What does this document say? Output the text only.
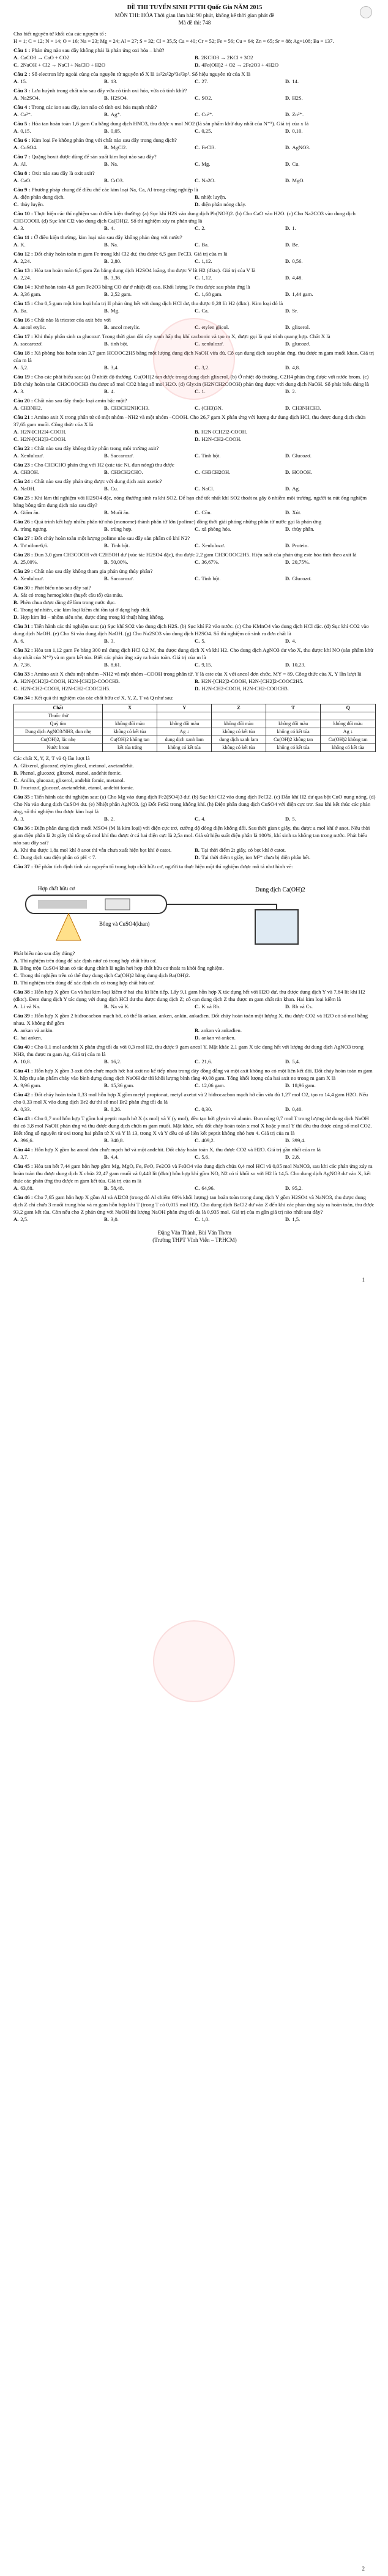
ĐỀ THI TUYỂN SINH PTTH Quốc Gia NĂM 2015
MÔN THI: HÓA Thời gian làm bài: 90 phút, không kể thời gian phát đề
Mã đề thi: 748
Cho biết nguyên tử khối của các nguyên tố :
H = 1; C = 12; N = 14; O = 16; Na = 23; Mg = 24; Al = 27; S = 32; Cl = 35,5; Ca = 40; Cr = 52; Fe = 56; Cu = 64; Zn = 65; Sr = 88; Ag=108; Ba = 137.
Câu 1 : Phản ứng nào sau đây không phải là phản ứng oxi hóa – khử?
A. CaCO3 → CaO + CO2	B. 2KClO3 → 2KCl + 3O2
C. 2NaOH + Cl2 → NaCl + NaClO + H2O	D. 4Fe(OH)2 + O2 → 2Fe2O3 + 4H2O
Câu 2 : Số electron lớp ngoài cùng của nguyên tử nguyên tố X là 1s²2s²2p⁶3s²3p¹. Số hiệu nguyên tử của X là
A. 15.	B. 13.	C. 27.	D. 14.
Câu 3 : Lưu huỳnh trong chất nào sau đây vừa có tính oxi hóa, vừa có tính khử?
A. Na2SO4.	B. H2SO4.	C. SO2.	D. H2S.
Câu 4 : Trong các ion sau đây, ion nào có tính oxi hóa mạnh nhất?
A. Ca²⁺.	B. Ag⁺.	C. Cu²⁺.	D. Zn²⁺.
Câu 5 : Hòa tan hoàn toàn 1,6 gam Cu bằng dung dịch HNO3, thu được x mol NO2 (là sản phẩm khử duy nhất của N⁺⁵). Giá trị của x là
A. 0,15.	B. 0,05.	C. 0,25.	D. 0,10.
Câu 6 : Kim loại Fe không phản ứng với chất nào sau đây trong dung dịch?
A. CuSO4.	B. MgCl2.	C. FeCl3.	D. AgNO3.
Câu 7 : Quặng boxit được dùng để sản xuất kim loại nào sau đây?
A. Al.	B. Na.	C. Mg.	D. Cu.
Câu 8 : Oxit nào sau đây là oxit axit?
A. CaO.	B. CrO3.	C. Na2O.	D. MgO.
Câu 9 : Phương pháp chung để điều chế các kim loại Na, Ca, Al trong công nghiệp là
A. điện phân dung dịch.	B. nhiệt luyện.
C. thủy luyện.	D. điện phân nóng chảy.
Câu 10 : Thực hiện các thí nghiệm sau ở điều kiện thường: (a) Sục khí H2S vào dung dịch Pb(NO3)2. (b) Cho CaO vào H2O. (c) Cho Na2CO3 vào dung dịch CH3COOH. (d) Sục khí Cl2 vào dung dịch Ca(OH)2. Số thí nghiệm xảy ra phản ứng là
A. 3.	B. 4.	C. 2.	D. 1.
Câu 11 : Ở điều kiện thường, kim loại nào sau đây không phản ứng với nước?
A. K.	B. Na.	C. Ba.	D. Be.
Câu 12 : Đốt cháy hoàn toàn m gam Fe trong khí Cl2 dư, thu được 6,5 gam FeCl3. Giá trị của m là
A. 2,24.	B. 2,80.	C. 1,12.	D. 0,56.
Câu 13 : Hòa tan hoàn toàn 6,5 gam Zn bằng dung dịch H2SO4 loãng, thu được V lít H2 (đktc). Giá trị của V là
A. 2,24.	B. 3,36.	C. 1,12.	D. 4,48.
Câu 14 : Khử hoàn toàn 4,8 gam Fe2O3 bằng CO dư ở nhiệt độ cao. Khối lượng Fe thu được sau phản ứng là
A. 3,36 gam.	B. 2,52 gam.	C. 1,68 gam.	D. 1,44 gam.
Câu 15 : Cho 0,5 gam một kim loại hóa trị II phản ứng hết với dung dịch HCl dư, thu được 0,28 lít H2 (đktc). Kim loại đó là
A. Ba.	B. Mg.	C. Ca.	D. Sr.
Câu 16 : Chất nào là triester của axit béo với
A. ancol etylic.	B. ancol metylic.	C. etylen glicol.	D. glixerol.
Câu 17 : Khi thủy phân sinh ra glucozơ. Trong thời gian dài cây xanh hấp thụ khí cacbonic và tạo ra X, được gọi là quá trình quang hợp. Chất X là
A. saccarozơ.	B. tinh bột.	C. xenlulozơ.	D. glucozơ.
Câu 18 : Xà phòng hóa hoàn toàn 3,7 gam HCOOC2H5 bằng một lượng dung dịch NaOH vừa đủ. Cô cạn dung dịch sau phản ứng, thu được m gam muối khan. Giá trị của m là
A. 5,2.	B. 3,4.	C. 3,2.	D. 4,8.
Câu 19 : Cho các phát biểu sau: (a) Ở nhiệt độ thường, Cu(OH)2 tan được trong dung dịch glixerol. (b) Ở nhiệt độ thường, C2H4 phản ứng được với nước brom. (c) Đốt cháy hoàn toàn CH3COOCH3 thu được số mol CO2 bằng số mol H2O. (d) Glyxin (H2NCH2COOH) phản ứng được với dung dịch NaOH. Số phát biểu đúng là
A. 3.	B. 4.	C. 1.	D. 2.
Câu 20 : Chất nào sau đây thuộc loại amin bậc một?
A. CH3NH2.	B. CH3CH2NHCH3.	C. (CH3)3N.	D. CH3NHCH3.
Câu 21 : Amino axit X trong phân tử có một nhóm –NH2 và một nhóm –COOH. Cho 26,7 gam X phản ứng với lượng dư dung dịch HCl, thu được dung dịch chứa 37,65 gam muối. Công thức của X là
A. H2N-[CH2]4-COOH.	B. H2N-[CH2]2-COOH.
C. H2N-[CH2]3-COOH.	D. H2N-CH2-COOH.
Câu 22 : Chất nào sau đây không thủy phân trong môi trường axit?
A. Xenlulozơ.	B. Saccarozơ.	C. Tinh bột.	D. Glucozơ.
Câu 23 : Cho CH3CHO phản ứng với H2 (xúc tác Ni, đun nóng) thu được
A. CH3OH.	B. CH3CH2CHO.	C. CH3CH2OH.	D. HCOOH.
Câu 24 : Chất nào sau đây phản ứng được với dung dịch axit axetic?
A. NaOH.	B. Cu.	C. NaCl.	D. Ag.
Câu 25 : Khi làm thí nghiệm với H2SO4 đặc, nóng thường sinh ra khí SO2. Để hạn chế tốt nhất khí SO2 thoát ra gây ô nhiễm môi trường, người ta nút ống nghiệm bằng bông tẩm dung dịch nào sau đây?
A. Giấm ăn.	B. Muối ăn.	C. Cồn.	D. Xút.
Câu 26 : Quá trình kết hợp nhiều phân tử nhỏ (monome) thành phân tử lớn (polime) đồng thời giải phóng những phân tử nước gọi là phản ứng
A. trùng ngưng.	B. trùng hợp.	C. xà phòng hóa.	D. thủy phân.
Câu 27 : Đốt cháy hoàn toàn một lượng polime nào sau đây sản phẩm có khí N2?
A. Tơ nilon-6,6.	B. Tinh bột.	C. Xenlulozơ.	D. Protein.
Câu 28 : Đun 3,0 gam CH3COOH với C2H5OH dư (xúc tác H2SO4 đặc), thu được 2,2 gam CH3COOC2H5. Hiệu suất của phản ứng este hóa tính theo axit là
A. 25,00%.	B. 50,00%.	C. 36,67%.	D. 20,75%.
Câu 29 : Chất nào sau đây không tham gia phản ứng thủy phân?
A. Xenlulozơ.	B. Saccarozơ.	C. Tinh bột.	D. Glucozơ.
Câu 30 : Phát biểu nào sau đây sai?
A. Sắt có trong hemoglobin (huyết cầu tố) của máu.
B. Phèn chua được dùng để làm trong nước đục.
C. Trong tự nhiên, các kim loại kiềm chỉ tồn tại ở dạng hợp chất.
D. Hợp kim liti – nhôm siêu nhẹ, được dùng trong kĩ thuật hàng không.
Câu 31 : Tiến hành các thí nghiệm sau: (a) Sục khí SO2 vào dung dịch H2S. (b) Sục khí F2 vào nước. (c) Cho KMnO4 vào dung dịch HCl đặc. (d) Sục khí CO2 vào dung dịch NaOH. (e) Cho Si vào dung dịch NaOH. (g) Cho Na2SO3 vào dung dịch H2SO4. Số thí nghiệm có sinh ra đơn chất là
A. 6.	B. 3.	C. 5.	D. 4.
Câu 32 : Hòa tan 1,12 gam Fe bằng 300 ml dung dịch HCl 0,2 M, thu được dung dịch X và khí H2. Cho dung dịch AgNO3 dư vào X, thu được khí NO (sản phẩm khử duy nhất của N⁺⁵) và m gam kết tủa. Biết các phản ứng xảy ra hoàn toàn. Giá trị của m là
A. 7,36.	B. 8,61.	C. 9,15.	D. 10,23.
Câu 33 : Amino axit X chứa một nhóm –NH2 và một nhóm –COOH trong phân tử. Y là este của X với ancol đơn chức, MY = 89. Công thức của X, Y lần lượt là
A. H2N-[CH2]2-COOH, H2N-[CH2]2-COOCH3.	B. H2N-[CH2]2-COOH, H2N-[CH2]2-COOC2H5.
C. H2N-CH2-COOH, H2N-CH2-COOC2H5.	D. H2N-CH2-COOH, H2N-CH2-COOCH3.
Câu 34 : Kết quả thí nghiệm của các chất hữu cơ X, Y, Z, T và Q như sau:
Chất	X	Y	Z	T	Q
Thuốc thử					
Quỳ tím	không đổi màu	không đổi màu	không đổi màu	không đổi màu	không đổi màu
Dung dịch AgNO3/NH3, đun nhẹ	không có kết tủa	Ag ↓	không có kết tủa	không có kết tủa	Ag ↓
Cu(OH)2, lắc nhẹ	Cu(OH)2 không tan	dung dịch xanh lam	dung dịch xanh lam	Cu(OH)2 không tan	Cu(OH)2 không tan
Nước brom	kết tủa trắng	không có kết tủa	không có kết tủa	không có kết tủa	không có kết tủa
Các chất X, Y, Z, T và Q lần lượt là
A. Glixerol, glucozơ, etylen glicol, metanol, axetanđehit.
B. Phenol, glucozơ, glixerol, etanol, anđehit fomic.
C. Anilin, glucozơ, glixerol, anđehit fomic, metanol.
D. Fructozơ, glucozơ, axetanđehit, etanol, anđehit fomic.
Câu 35 : Tiến hành các thí nghiệm sau: (a) Cho Mg vào dung dịch Fe2(SO4)3 dư. (b) Sục khí Cl2 vào dung dịch FeCl2. (c) Dẫn khí H2 dư qua bột CuO nung nóng. (d) Cho Na vào dung dịch CuSO4 dư. (e) Nhiệt phân AgNO3. (g) Đốt FeS2 trong không khí. (h) Điện phân dung dịch CuSO4 với điện cực trơ. Sau khi kết thúc các phản ứng, số thí nghiệm thu được kim loại là
A. 3.	B. 2.	C. 4.	D. 5.
Câu 36 : Điện phân dung dịch muối MSO4 (M là kim loại) với điện cực trơ, cường độ dòng điện không đổi. Sau thời gian t giây, thu được a mol khí ở anot. Nếu thời gian điện phân là 2t giây thì tổng số mol khí thu được ở cả hai điện cực là 2,5a mol. Giả sử hiệu suất điện phân là 100%, khí sinh ra không tan trong nước. Phát biểu nào sau đây sai?
A. Khi thu được 1,8a mol khí ở anot thì vẫn chưa xuất hiện bọt khí ở catot.	B. Tại thời điểm 2t giây, có bọt khí ở catot.
C. Dung dịch sau điện phân có pH < 7.	D. Tại thời điểm t giây, ion M²⁺ chưa bị điện phân hết.
Câu 37 : Để phân tích định tính các nguyên tố trong hợp chất hữu cơ, người ta thực hiện một thí nghiệm được mô tả như hình vẽ:
Hợp chất hữu cơ
Bông và CuSO4(khan)
Dung dịch Ca(OH)2
Phát biểu nào sau đây đúng?
A. Thí nghiệm trên dùng để xác định nitơ có trong hợp chất hữu cơ.
B. Bông trộn CuSO4 khan có tác dụng chính là ngăn hơi hợp chất hữu cơ thoát ra khỏi ống nghiệm.
C. Trong thí nghiệm trên có thể thay dung dịch Ca(OH)2 bằng dung dịch Ba(OH)2.
D. Thí nghiệm trên dùng để xác định clo có trong hợp chất hữu cơ.
Câu 38 : Hỗn hợp X gồm Ca và hai kim loại kiềm ở hai chu kì liên tiếp. Lấy 9,1 gam hỗn hợp X tác dụng hết với H2O dư, thu được dung dịch Y và 7,84 lít khí H2 (đktc). Đem dung dịch Y tác dụng với dung dịch HCl dư thu được dung dịch Z; cô cạn dung dịch Z thu được m gam chất rắn khan. Hai kim loại kiềm là
A. Li và Na.	B. Na và K.	C. K và Rb.	D. Rb và Cs.
Câu 39 : Hỗn hợp X gồm 2 hiđrocacbon mạch hở, có thể là ankan, anken, ankin, ankađien. Đốt cháy hoàn toàn một lượng X, thu được CO2 và H2O có số mol bằng nhau. X không thể gồm
A. ankan và ankin.	B. ankan và ankađien.
C. hai anken.	D. ankan và anken.
Câu 40 : Cho 0,1 mol anđehit X phản ứng tối đa với 0,3 mol H2, thu được 9 gam ancol Y. Mặt khác 2,1 gam X tác dụng hết với lượng dư dung dịch AgNO3 trong NH3, thu được m gam Ag. Giá trị của m là
A. 10,8.	B. 16,2.	C. 21,6.	D. 5,4.
Câu 41 : Hỗn hợp X gồm 3 axit đơn chức mạch hở: hai axit no kế tiếp nhau trong dãy đồng đẳng và một axit không no có một liên kết đôi. Đốt cháy hoàn toàn m gam X, hấp thụ sản phẩm cháy vào bình đựng dung dịch NaOH dư thì khối lượng bình tăng 40,08 gam. Tổng khối lượng của hai axit no trong m gam X là
A. 9,96 gam.	B. 15,36 gam.	C. 12,06 gam.	D. 18,96 gam.
Câu 42 : Đốt cháy hoàn toàn 0,33 mol hỗn hợp X gồm metyl propionat, metyl axetat và 2 hiđrocacbon mạch hở cần vừa đủ 1,27 mol O2, tạo ra 14,4 gam H2O. Nếu cho 0,33 mol X vào dung dịch Br2 dư thì số mol Br2 phản ứng tối đa là
A. 0,33.	B. 0,26.	C. 0,30.	D. 0,40.
Câu 43 : Cho 0,7 mol hỗn hợp T gồm hai peptit mạch hở X (x mol) và Y (y mol), đều tạo bởi glyxin và alanin. Đun nóng 0,7 mol T trong lượng dư dung dịch NaOH thì có 3,8 mol NaOH phản ứng và thu được dung dịch chứa m gam muối. Mặt khác, nếu đốt cháy hoàn toàn x mol X hoặc y mol Y thì đều thu được cùng số mol CO2. Biết tổng số nguyên tử oxi trong hai phân tử X và Y là 13, trong X và Y đều có số liên kết peptit không nhỏ hơn 4. Giá trị của m là
A. 396,6.	B. 340,8.	C. 409,2.	D. 399,4.
Câu 44 : Hỗn hợp X gồm ba ancol đơn chức mạch hở và một anđehit. Đốt cháy hoàn toàn X, thu được CO2 và H2O. Giá trị gần nhất của m là
A. 3,7.	B. 4,4.	C. 5,6.	D. 2,8.
Câu 45 : Hòa tan hết 7,44 gam hỗn hợp gồm Mg, MgO, Fe, FeO, Fe2O3 và Fe3O4 vào dung dịch chứa 0,4 mol HCl và 0,05 mol NaNO3, sau khi các phản ứng xảy ra hoàn toàn thu được dung dịch X chứa 22,47 gam muối và 0,448 lít (đktc) hỗn hợp khí gồm NO, N2 có tỉ khối so với H2 là 14,5. Cho dung dịch AgNO3 dư vào X, kết thúc các phản ứng thu được m gam kết tủa. Giá trị của m là
A. 63,88.	B. 58,48.	C. 64,96.	D. 95,2.
Câu 46 : Cho 7,65 gam hỗn hợp X gồm Al và Al2O3 (trong đó Al chiếm 60% khối lượng) tan hoàn toàn trong dung dịch Y gồm H2SO4 và NaNO3, thu được dung dịch Z chỉ chứa 3 muối trung hòa và m gam hỗn hợp khí T (trong T có 0,015 mol H2). Cho dung dịch BaCl2 dư vào Z đến khi các phản ứng xảy ra hoàn toàn, thu được 93,2 gam kết tủa. Còn nếu cho Z phản ứng với NaOH thì lượng NaOH phản ứng tối đa là 0,935 mol. Giá trị của m gần giá trị nào nhất sau đây?
A. 2,5.	B. 3,0.	C. 1,0.	D. 1,5.
Đặng Văn Thành, Bùi Văn Thơm
(Trường THPT Vĩnh Viễn – TP.HCM)
1
2
